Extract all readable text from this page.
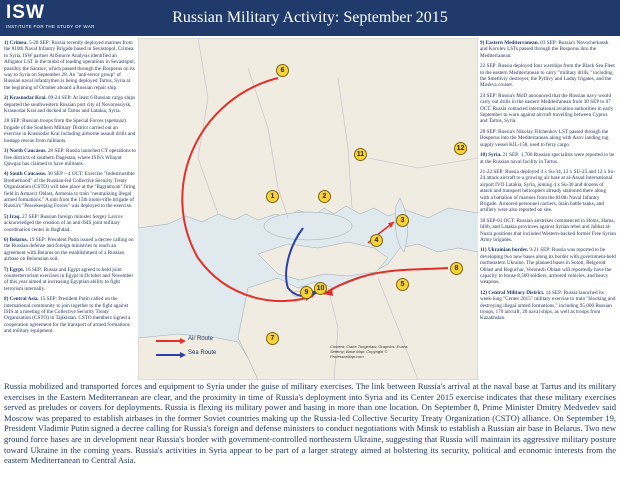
ISW
INSTITUTE FOR THE STUDY OF WAR
Russian Military Activity: September 2015
1) Crimea. 5-28 SEP: Russia recently deployed marines from the 810th Naval Infantry Brigade based in Sevastopol, Crimea to Syria. ISW partner AllSource Analysis identified an Alligator LST in the midst of loading operations in Sevastopol, possibly the Saratov, which passed through the Bosporus on its way to Syria on September 28. An "anti-terror group" of Russian naval infantrymen is being deployed Tartus, Syria at the beginning of October aboard a Russian repair ship.
2) Krasnodar Krai. 09-24 SEP: At least 6 Russian cargo ships departed the southwestern Russian port city of Novorossiysk, Krasnodar Krai and docked at Tartus and Latakia, Syria.
28 SEP: Russian troops from the Special Forces (spetsnaz) brigade of the Southern Military District carried out an exercise in Krasnodar Krai including airborne assault drills and hostage rescue from militants.
3) North Caucasus. 28 SEP: Russia launched CT operations to free districts of southern Dagestan, where ISIS's Wilayat Qawqaz has claimed to have militants.
4) South Caucasus. 30 SEP – 4 OCT: Exercise "Indestructible Brotherhood" of the Russian-led Collective Security Treaty Organization (CSTO) will take place at the "Bagramyan" firing field in Armavir Oblast, Armenia to train "neutralizing illegal armed formations." A unit from the 15th motor-rifle brigade of Russia's "Peacekeeping Forces" was deployed to the exercise.
5) Iraq. 27 SEP: Russian foreign minister Sergey Lavrov acknowledged the creation of an anti-ISIS joint military coordination center in Baghdad.
6) Belarus. 19 SEP: President Putin issued a decree calling on the Russian defense and foreign ministries to reach an agreement with Belarus on the establishment of a Russian airbase on Belarusian soil.
7) Egypt. 16 SEP: Russia and Egypt agreed to hold joint counterterrorism exercises in Egypt in October and November of this year aimed at increasing Egyptian ability to fight terrorism internally.
8) Central Asia. 15 SEP: President Putin called on the international community to join together to the fight against ISIS at a meeting of the Collective Security Treaty Organization (CSTO) in Tajikistan. CSTO members signed a cooperation agreement for the transport of armed formations and military equipment.
1	2
3
4
5
6
7
8
9
10
11
12
Air Route
Sea Route
Content: Claire Tongerlaw; Graphics: Evans Seferny; Base Map: Copyright © ProfessorMap.com
9) Eastern Mediterranean. 03 SEP: Russia's Novocherkassk and Korolev LSTs passed through the Bosporus into the Mediterranean.
22 SEP: Russia deployed four warships from the Black Sea Fleet to the eastern Mediterranean to carry "military drills," including the Smetliviy destroyer, the Pytlivy and Ladny frigates, and the Moskva cruiser.
24 SEP: Russia's MoD announced that the Russian navy would carry out drills in the eastern Mediterranean from 30 SEP to 07 OCT. Russia contacted international aviation authorities in early September to warn against aircraft travelling between Cyprus and Tartus, Syria.
28 SEP: Russia's Nikolay Filchenkov LST passed through the Bosporus into the Mediterranean along with Azov landing tug supply vessel KIL-158, used to ferry cargo.
10) Syria. 21 SEP: 1,700 Russian specialists were reported to be at the Russian naval facility in Tartus.
21-22 SEP: Russia deployed 4 x Su-34, 12 x SU-25 and 12 x Su-24 attack aircraft to a growing air base at al-Assad International airport IVO Latakia, Syria, joining 4 x Su-30 and dozens of attack and transport helicopters already stationed there along with a battalion of marines from the 810th Naval Infantry Brigade. Armored personnel carriers, main battle tanks, and artillery were also reported on site.
30 SEP-01 OCT: Russian airstrikes commenced in Homs, Hama, Idlib, and Latakia provinces against Syrian rebel and Jabhat al-Nusra positions that included Western-backed former Free Syrian Army brigades.
11) Ukrainian border. 9-21 SEP: Russia was reported to be developing two new bases along its border with government-held northeastern Ukraine. The planned bases in Soloti, Belgorod Oblast and Boguchar, Voronezh Oblast will reportedly have the capacity to house 8,500 soldiers, armored vehicles, and heavy weapons.
12) Central Military District. 14 SEP: Russia launched its week-long "Center 2015" military exercise to train "blocking and destroying illegal armed formations," including 95,000 Russian troops, 170 aircraft, 20 naval ships, as well as troops from Kazakhstan.
Russia mobilized and transported forces and equipment to Syria under the guise of military exercises. The link between Russia's arrival at the naval base at Tartus and its military exercises in the Eastern Mediterranean are clear, and the proximity in time of Russia's deployment into Syria and its Center 2015 exercise indicates that these military exercises served as preludes or covers for deployments. Russia is flexing its military power and basing in more than one location. On September 8, Prime Minister Dmitry Medvedev said Moscow was prepared to establish airbases in the former Soviet countries making up the Russia-led Collective Security Treaty Organization (CSTO) alliance. On September 19, President Vladimir Putin signed a decree calling for Russia's foreign and defense ministers to conduct negotiations with Minsk to establish a Russian air base in Belarus. Two new ground force bases are in development near Russia's border with government-controlled northeastern Ukraine, suggesting that Russia will maintain its aggressive military posture toward Ukraine in the coming years. Russia's activities in Syria appear to be part of a larger strategy aimed at bolstering its security, political and economic interests from the eastern Mediterranean to Central Asia.
